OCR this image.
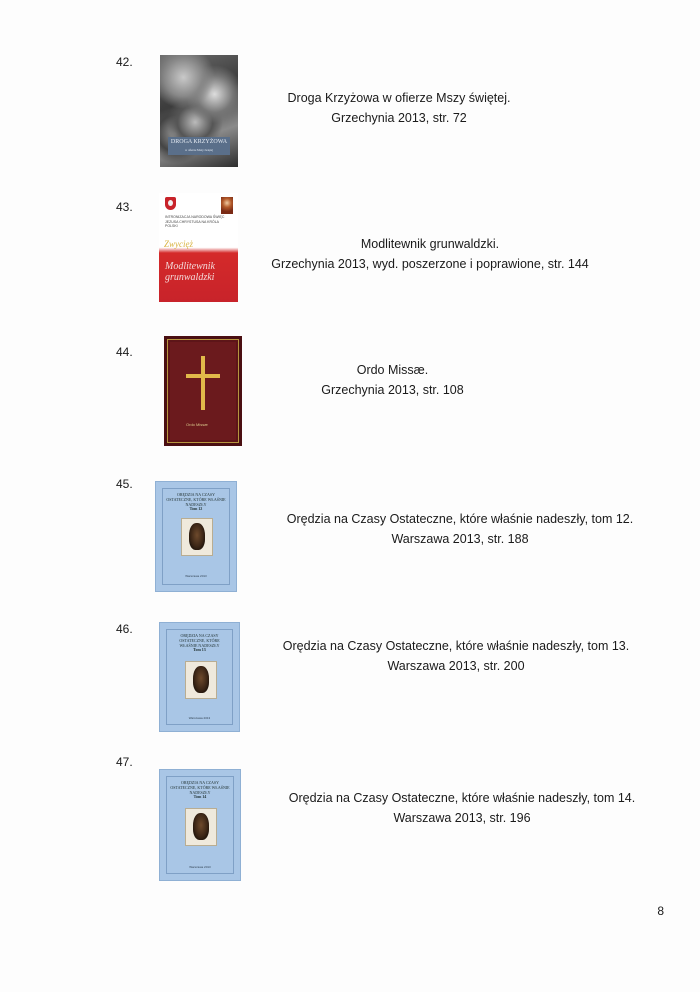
42.
DROGA KRZYŻOWA
w ofierze Mszy świętej
Droga Krzyżowa w ofierze Mszy świętej.
Grzechynia 2013, str. 72
43.
INTRONIZACJA NARODOWA ŚWIĘC JEZUSA CHRYSTUSA NA KRÓLA POLSKI
Zwycięż
Modlitewnik grunwaldzki
Modlitewnik grunwaldzki.
Grzechynia 2013, wyd. poszerzone i poprawione, str. 144
44.
Ordo Missæ
Ordo Missæ.
Grzechynia 2013, str. 108
45.
ORĘDZIA NA CZASY OSTATECZNE, KTÓRE WŁAŚNIE NADESZŁY
Tom 12
Warszawa 2013
Orędzia na Czasy Ostateczne, które właśnie nadeszły, tom 12.
Warszawa 2013, str. 188
46.	ORĘDZIA NA CZASY OSTATECZNE, KTÓRE WŁAŚNIE NADESZŁY
Tom 13
Warszawa 2013
Orędzia na Czasy Ostateczne, które właśnie nadeszły, tom 13.
Warszawa 2013, str. 200
47.
ORĘDZIA NA CZASY OSTATECZNE, KTÓRE WŁAŚNIE NADESZŁY
Tom 14
Warszawa 2013
Orędzia na Czasy Ostateczne, które właśnie nadeszły, tom 14.
Warszawa 2013, str. 196
8
